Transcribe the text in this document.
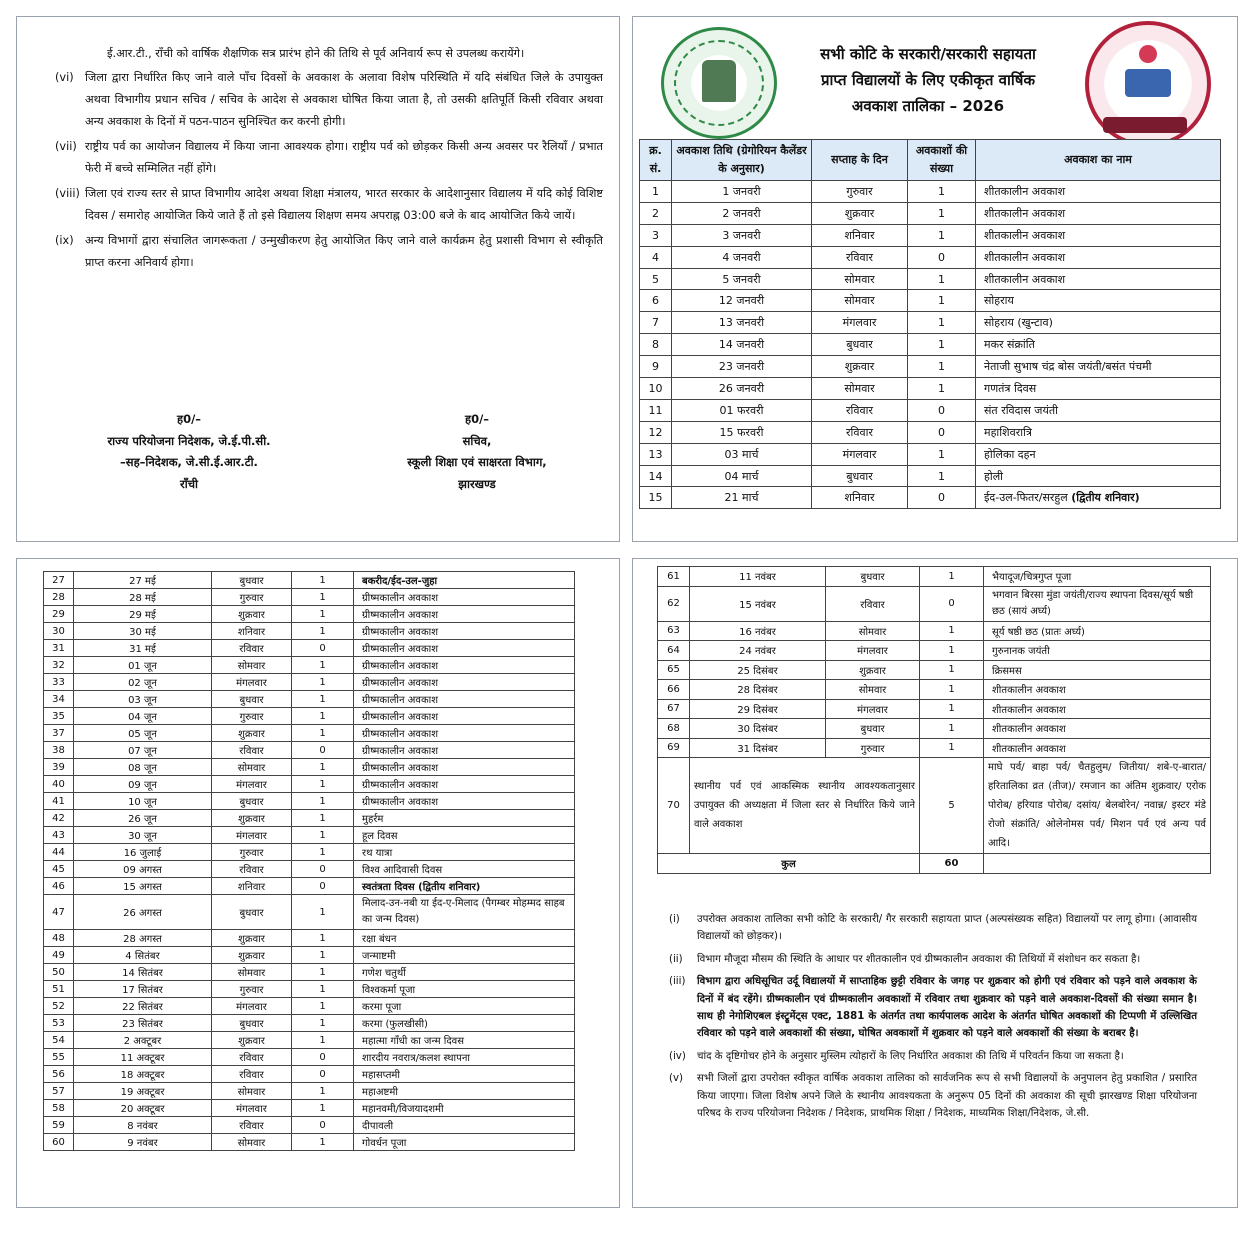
ई.आर.टी., राँची को वार्षिक शैक्षणिक सत्र प्रारंभ होने की तिथि से पूर्व अनिवार्य रूप से उपलब्ध करायेंगे।
(vi)	जिला द्वारा निर्धारित किए जाने वाले पाँच दिवसों के अवकाश के अलावा विशेष परिस्थिति में यदि संबंधित जिले के उपायुक्त अथवा विभागीय प्रधान सचिव / सचिव के आदेश से अवकाश घोषित किया जाता है, तो उसकी क्षतिपूर्ति किसी रविवार अथवा अन्य अवकाश के दिनों में पठन-पाठन सुनिश्चित कर करनी होगी।
(vii) राष्ट्रीय पर्व का आयोजन विद्यालय में किया जाना आवश्यक होगा। राष्ट्रीय पर्व को छोड़कर किसी अन्य अवसर पर रैलियाँ / प्रभात फेरी में बच्चे सम्मिलित नहीं होंगे।
(viii) जिला एवं राज्य स्तर से प्राप्त विभागीय आदेश अथवा शिक्षा मंत्रालय, भारत सरकार के आदेशानुसार विद्यालय में यदि कोई विशिष्ट दिवस / समारोह आयोजित किये जाते हैं तो इसे विद्यालय शिक्षण समय अपराह्न 03:00 बजे के बाद आयोजित किये जायें।
(ix)	अन्य विभागों द्वारा संचालित जागरूकता / उन्मुखीकरण हेतु आयोजित किए जाने वाले कार्यक्रम हेतु प्रशासी विभाग से स्वीकृति प्राप्त करना अनिवार्य होगा।
ह0/–
राज्य परियोजना निदेशक, जे.ई.पी.सी.
–सह–निदेशक, जे.सी.ई.आर.टी.
राँची
ह0/–
सचिव,
स्कूली शिक्षा एवं साक्षरता विभाग,
झारखण्ड
सभी कोटि के सरकारी/सरकारी सहायता
प्राप्त विद्यालयों के लिए एकीकृत वार्षिक
अवकाश तालिका – 2026
क्र. सं.	अवकाश तिथि (ग्रेगोरियन कैलेंडर के अनुसार)	सप्ताह के दिन	अवकाशों की संख्या	अवकाश का नाम
1	1 जनवरी	गुरुवार	1	शीतकालीन अवकाश
2	2 जनवरी	शुक्रवार	1	शीतकालीन अवकाश
3	3 जनवरी	शनिवार	1	शीतकालीन अवकाश
4	4 जनवरी	रविवार	0	शीतकालीन अवकाश
5	5 जनवरी	सोमवार	1	शीतकालीन अवकाश
6	12 जनवरी	सोमवार	1	सोहराय
7	13 जनवरी	मंगलवार	1	सोहराय (खुन्टाव)
8	14 जनवरी	बुधवार	1	मकर संक्रांति
9	23 जनवरी	शुक्रवार	1	नेताजी सुभाष चंद्र बोस जयंती/बसंत पंचमी
10	26 जनवरी	सोमवार	1	गणतंत्र दिवस
11	01 फरवरी	रविवार	0	संत रविदास जयंती
12	15 फरवरी	रविवार	0	महाशिवरात्रि
13	03 मार्च	मंगलवार	1	होलिका दहन
14	04 मार्च	बुधवार	1	होली
15	21 मार्च	शनिवार	0	ईद-उल-फितर/सरहुल (द्वितीय शनिवार)
27	27 मई	बुधवार	1	बकरीद/ईद-उल-जुहा
28	28 मई	गुरुवार	1	ग्रीष्मकालीन अवकाश
29	29 मई	शुक्रवार	1	ग्रीष्मकालीन अवकाश
30	30 मई	शनिवार	1	ग्रीष्मकालीन अवकाश
31	31 मई	रविवार	0	ग्रीष्मकालीन अवकाश
32	01 जून	सोमवार	1	ग्रीष्मकालीन अवकाश
33	02 जून	मंगलवार	1	ग्रीष्मकालीन अवकाश
34	03 जून	बुधवार	1	ग्रीष्मकालीन अवकाश
35	04 जून	गुरुवार	1	ग्रीष्मकालीन अवकाश
37	05 जून	शुक्रवार	1	ग्रीष्मकालीन अवकाश
38	07 जून	रविवार	0	ग्रीष्मकालीन अवकाश
39	08 जून	सोमवार	1	ग्रीष्मकालीन अवकाश
40	09 जून	मंगलवार	1	ग्रीष्मकालीन अवकाश
41	10 जून	बुधवार	1	ग्रीष्मकालीन अवकाश
42	26 जून	शुक्रवार	1	मुहर्रम
43	30 जून	मंगलवार	1	हूल दिवस
44	16 जुलाई	गुरुवार	1	रथ यात्रा
45	09 अगस्त	रविवार	0	विश्व आदिवासी दिवस
46	15 अगस्त	शनिवार	0	स्वतंत्रता दिवस (द्वितीय शनिवार)
47	26 अगस्त	बुधवार	1	मिलाद-उन-नबी या ईद-ए-मिलाद (पैगम्बर मोहम्मद साहब का जन्म दिवस)
48	28 अगस्त	शुक्रवार	1	रक्षा बंधन
49	4 सितंबर	शुक्रवार	1	जन्माष्टमी
50	14 सितंबर	सोमवार	1	गणेश चतुर्थी
51	17 सितंबर	गुरुवार	1	विश्वकर्मा पूजा
52	22 सितंबर	मंगलवार	1	करमा पूजा
53	23 सितंबर	बुधवार	1	करमा (फुलखीसी)
54	2 अक्टूबर	शुक्रवार	1	महात्मा गाँधी का जन्म दिवस
55	11 अक्टूबर	रविवार	0	शारदीय नवरात्र/कलश स्थापना
56	18 अक्टूबर	रविवार	0	महासप्तमी
57	19 अक्टूबर	सोमवार	1	महाअष्टमी
58	20 अक्टूबर	मंगलवार	1	महानवमी/विजयादशमी
59	8 नवंबर	रविवार	0	दीपावली
60	9 नवंबर	सोमवार	1	गोवर्धन पूजा
61	11 नवंबर	बुधवार	1	भैयादूज/चित्रगुप्त पूजा
62	15 नवंबर	रविवार	0	भगवान बिरसा मुंडा जयंती/राज्य स्थापना दिवस/सूर्य षष्ठी छठ (सायं अर्घ्य)
63	16 नवंबर	सोमवार	1	सूर्य षष्ठी छठ (प्रातः अर्घ्य)
64	24 नवंबर	मंगलवार	1	गुरुनानक जयंती
65	25 दिसंबर	शुक्रवार	1	क्रिसमस
66	28 दिसंबर	सोमवार	1	शीतकालीन अवकाश
67	29 दिसंबर	मंगलवार	1	शीतकालीन अवकाश
68	30 दिसंबर	बुधवार	1	शीतकालीन अवकाश
69	31 दिसंबर	गुरुवार	1	शीतकालीन अवकाश
70	स्थानीय पर्व एवं आकस्मिक स्थानीय आवश्यकतानुसार उपायुक्त की अध्यक्षता में जिला स्तर से निर्धारित किये जाने वाले अवकाश		5	माघे पर्व/ बाहा पर्व/ चैतहुलुम/ जितीया/ शबे-ए-बारात/ हरितालिका व्रत (तीज)/ रमजान का अंतिम शुक्रवार/ एरोक पोरोब/ हरियाड पोरोब/ दसांय/ बेलबोरेन/ नवान्न/ इस्टर मंडे रोजो संक्रांति/ ओलेनोमस पर्व/ मिशन पर्व एवं अन्य पर्व आदि।
कुल			60	
(i)	उपरोक्त अवकाश तालिका सभी कोटि के सरकारी/ गैर सरकारी सहायता प्राप्त (अल्पसंख्यक सहित) विद्यालयों पर लागू होगा। (आवासीय विद्यालयों को छोड़कर)।
(ii)	विभाग मौजूदा मौसम की स्थिति के आधार पर शीतकालीन एवं ग्रीष्मकालीन अवकाश की तिथियों में संशोधन कर सकता है।
(iii)	विभाग द्वारा अधिसूचित उर्दू विद्यालयों में साप्ताहिक छुट्टी रविवार के जगह पर शुक्रवार को होगी एवं रविवार को पड़ने वाले अवकाश के दिनों में बंद रहेंगे। ग्रीष्मकालीन एवं ग्रीष्मकालीन अवकाशों में रविवार तथा शुक्रवार को पड़ने वाले अवकाश-दिवसों की संख्या समान है। साथ ही नेगोशिएबल इंस्ट्रूमेंट्स एक्ट, 1881 के अंतर्गत तथा कार्यपालक आदेश के अंतर्गत घोषित अवकाशों की टिप्पणी में उल्लिखित रविवार को पड़ने वाले अवकाशों की संख्या, घोषित अवकाशों में शुक्रवार को पड़ने वाले अवकाशों की संख्या के बराबर है।
(iv)	चांद के दृष्टिगोचर होने के अनुसार मुस्लिम त्योहारों के लिए निर्धारित अवकाश की तिथि में परिवर्तन किया जा सकता है।
(v)	सभी जिलों द्वारा उपरोक्त स्वीकृत वार्षिक अवकाश तालिका को सार्वजनिक रूप से सभी विद्यालयों के अनुपालन हेतु प्रकाशित / प्रसारित किया जाएगा। जिला विशेष अपने जिले के स्थानीय आवश्यकता के अनुरूप 05 दिनों की अवकाश की सूची झारखण्ड शिक्षा परियोजना परिषद के राज्य परियोजना निदेशक / निदेशक, प्राथमिक शिक्षा / निदेशक, माध्यमिक शिक्षा/निदेशक, जे.सी.
